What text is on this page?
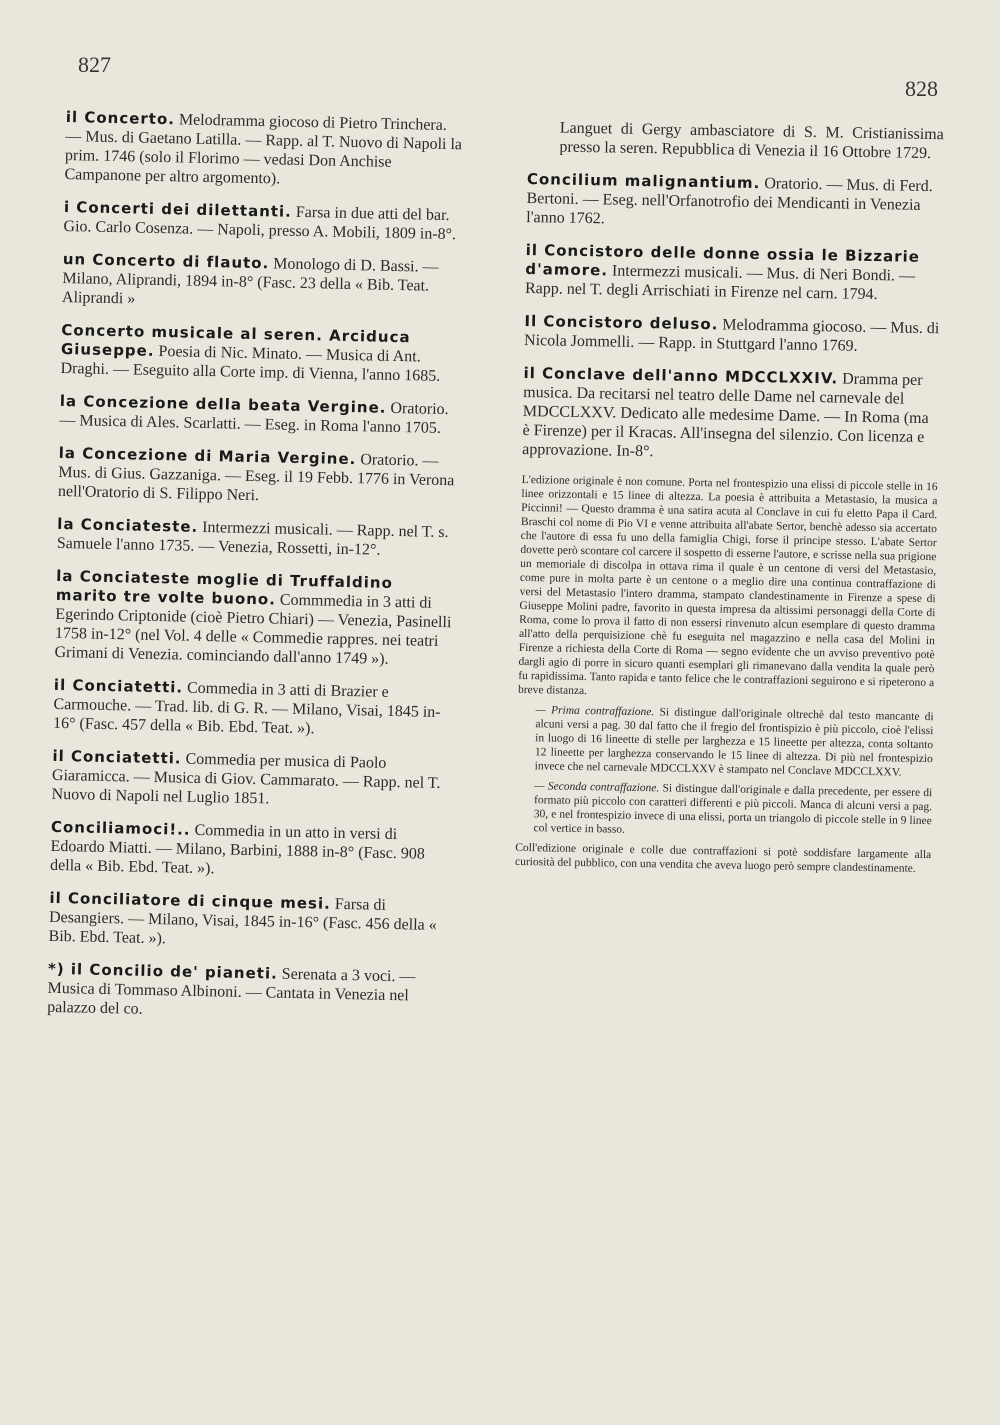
827
828
il Concerto. Melodramma giocoso di Pietro Trinchera. — Mus. di Gaetano Latilla. — Rapp. al T. Nuovo di Napoli la prim. 1746 (solo il Florimo — vedasi Don Anchise Campanone per altro argomento).
i Concerti dei dilettanti. Farsa in due atti del bar. Gio. Carlo Cosenza. — Napoli, presso A. Mobili, 1809 in-8°.
un Concerto di flauto. Monologo di D. Bassi. — Milano, Aliprandi, 1894 in-8° (Fasc. 23 della « Bib. Teat. Aliprandi »
Concerto musicale al seren. Arciduca Giuseppe. Poesia di Nic. Minato. — Musica di Ant. Draghi. — Eseguito alla Corte imp. di Vienna, l'anno 1685.
la Concezione della beata Vergine. Oratorio. — Musica di Ales. Scarlatti. — Eseg. in Roma l'anno 1705.
la Concezione di Maria Vergine. Oratorio. — Mus. di Gius. Gazzaniga. — Eseg. il 19 Febb. 1776 in Verona nell'Oratorio di S. Filippo Neri.
la Conciateste. Intermezzi musicali. — Rapp. nel T. s. Samuele l'anno 1735. — Venezia, Rossetti, in-12°.
la Conciateste moglie di Truffaldino marito tre volte buono. Commmedia in 3 atti di Egerindo Criptonide (cioè Pietro Chiari) — Venezia, Pasinelli 1758 in-12° (nel Vol. 4 delle « Commedie rappres. nei teatri Grimani di Venezia. cominciando dall'anno 1749 »).
il Conciatetti. Commedia in 3 atti di Brazier e Carmouche. — Trad. lib. di G. R. — Milano, Visai, 1845 in-16° (Fasc. 457 della « Bib. Ebd. Teat. »).
il Conciatetti. Commedia per musica di Paolo Giaramicca. — Musica di Giov. Cammarato. — Rapp. nel T. Nuovo di Napoli nel Luglio 1851.
Conciliamoci!.. Commedia in un atto in versi di Edoardo Miatti. — Milano, Barbini, 1888 in-8° (Fasc. 908 della « Bib. Ebd. Teat. »).
il Conciliatore di cinque mesi. Farsa di Desangiers. — Milano, Visai, 1845 in-16° (Fasc. 456 della « Bib. Ebd. Teat. »).
*) il Concilio de' pianeti. Serenata a 3 voci. — Musica di Tommaso Albinoni. — Cantata in Venezia nel palazzo del co.
Languet di Gergy ambasciatore di S. M. Cristianissima presso la seren. Repubblica di Venezia il 16 Ottobre 1729.
Concilium malignantium. Oratorio. — Mus. di Ferd. Bertoni. — Eseg. nell'Orfanotrofio dei Mendicanti in Venezia l'anno 1762.
il Concistoro delle donne ossia le Bizzarie d'amore. Intermezzi musicali. — Mus. di Neri Bondi. — Rapp. nel T. degli Arrischiati in Firenze nel carn. 1794.
Il Concistoro deluso. Melodramma giocoso. — Mus. di Nicola Jommelli. — Rapp. in Stuttgard l'anno 1769.
il Conclave dell'anno MDCCLXXIV. Dramma per musica. Da recitarsi nel teatro delle Dame nel carnevale del MDCCLXXV. Dedicato alle medesime Dame. — In Roma (ma è Firenze) per il Kracas. All'insegna del silenzio. Con licenza e approvazione. In-8°.

L'edizione originale è non comune. Porta nel frontespizio una elissi di piccole stelle in 16 linee orizzontali e 15 linee di altezza. La poesia è attribuita a Metastasio, la musica a Piccinni! — Questo dramma è una satira acuta al Conclave in cui fu eletto Papa il Card. Braschi col nome di Pio VI e venne attribuita all'abate Sertor, benchè adesso sia accertato che l'autore di essa fu uno della famiglia Chigi, forse il principe stesso. L'abate Sertor dovette però scontare col carcere il sospetto di esserne l'autore, e scrisse nella sua prigione un memoriale di discolpa in ottava rima il quale è un centone di versi del Metastasio, come pure in molta parte è un centone o a meglio dire una continua contraffazione di versi del Metastasio l'intero dramma, stampato clandestinamente in Firenze a spese di Giuseppe Molini padre, favorito in questa impresa da altissimi personaggi della Corte di Roma, come lo prova il fatto di non essersi rinvenuto alcun esemplare di questo dramma all'atto della perquisizione chè fu eseguita nel magazzino e nella casa del Molini in Firenze a richiesta della Corte di Roma — segno evidente che un avviso preventivo potè dargli agio di porre in sicuro quanti esemplari gli rimanevano dalla vendita la quale però fu rapidissima. Tanto rapida e tanto felice che le contraffazioni seguirono e si ripeterono a breve distanza.

— Prima contraffazione. Si distingue dall'originale oltrechè dal testo mancante di alcuni versi a pag. 30 dal fatto che il fregio del frontispizio è più piccolo, cioè l'elissi in luogo di 16 lineette di stelle per larghezza e 15 lineette per altezza, conta soltanto 12 lineette per larghezza conservando le 15 linee di altezza. Di più nel frontespizio invece che nel carnevale MDCCLXXV è stampato nel Conclave MDCCLXXV.

— Seconda contraffazione. Si distingue dall'originale e dalla precedente, per essere di formato più piccolo con caratteri differenti e più piccoli. Manca di alcuni versi a pag. 30, e nel frontespizio invece di una elissi, porta un triangolo di piccole stelle in 9 linee col vertice in basso.

Coll'edizione originale e colle due contraffazioni si potè soddisfare largamente alla curiosità del pubblico, con una vendita che aveva luogo però sempre clandestinamente.
